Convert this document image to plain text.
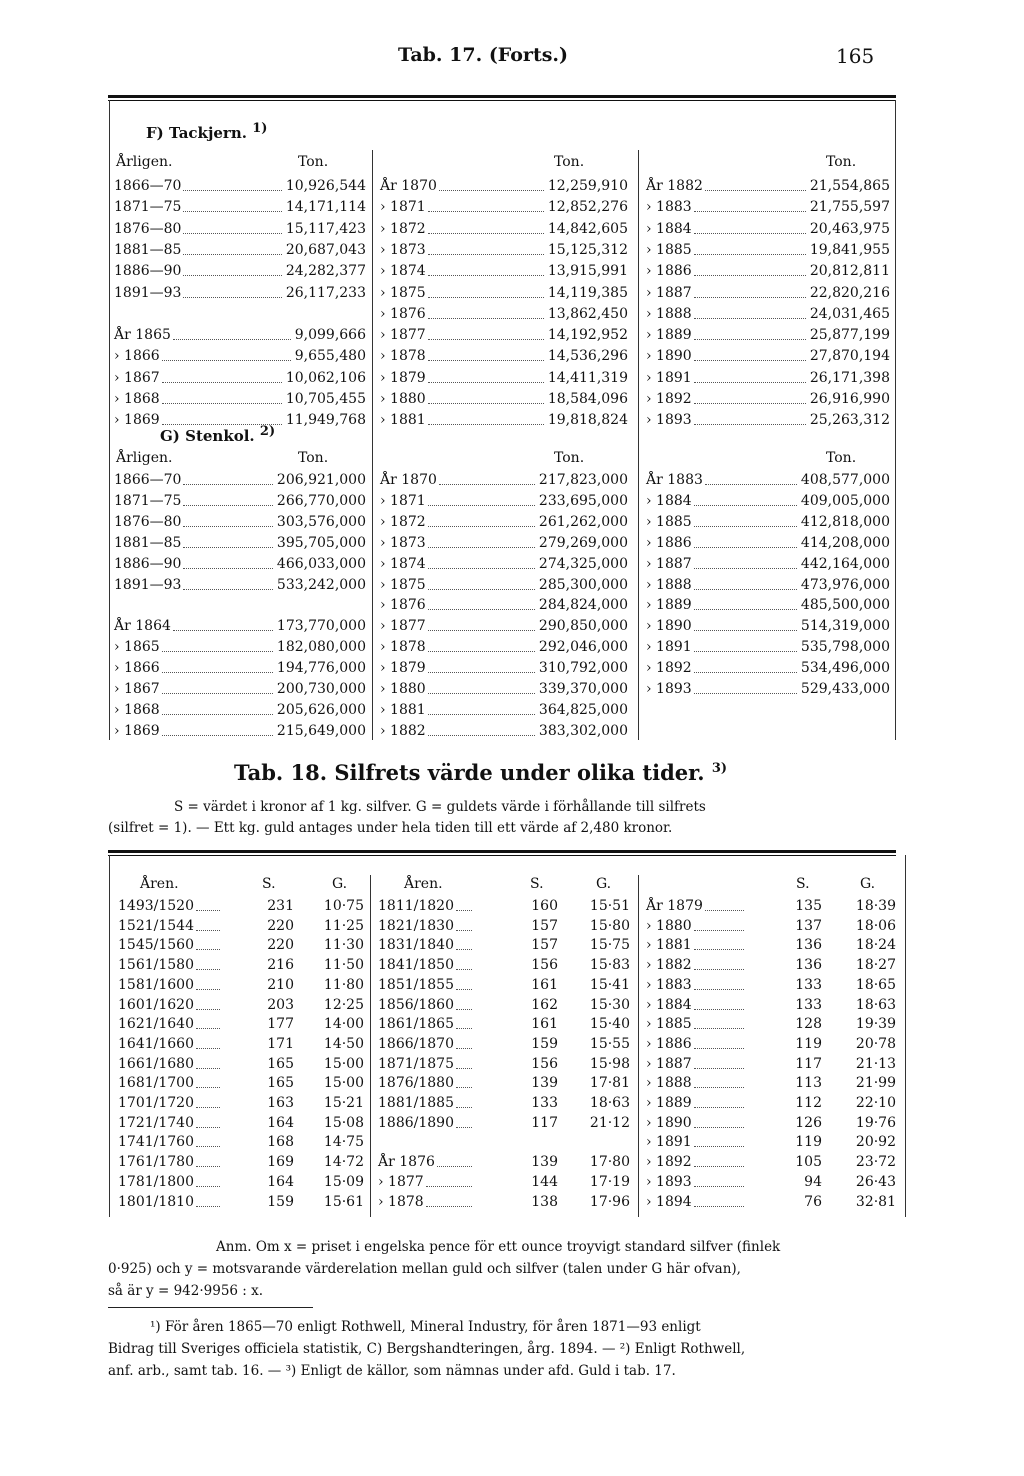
Tab. 17. (Forts.)	165
F) Tackjern. $^{1)}$
Årligen.	Ton.	Ton.	Ton.
1866—70	10,926,544
1871—75	14,171,114
1876—80	15,117,423
1881—85	20,687,043
1886—90	24,282,377
1891—93	26,117,233
År 1865	9,099,666
› 1866	9,655,480
› 1867	10,062,106
› 1868	10,705,455
› 1869	11,949,768
År 1870	12,259,910
› 1871	12,852,276
› 1872	14,842,605
› 1873	15,125,312
› 1874	13,915,991
› 1875	14,119,385
› 1876	13,862,450
› 1877	14,192,952
› 1878	14,536,296
› 1879	14,411,319
› 1880	18,584,096
› 1881	19,818,824
År 1882	21,554,865
› 1883	21,755,597
› 1884	20,463,975
› 1885	19,841,955
› 1886	20,812,811
› 1887	22,820,216
› 1888	24,031,465
› 1889	25,877,199
› 1890	27,870,194
› 1891	26,171,398
› 1892	26,916,990
› 1893	25,263,312
G) Stenkol. $^{2)}$
Årligen.	Ton.	Ton.	Ton.
1866—70	206,921,000
1871—75	266,770,000
1876—80	303,576,000
1881—85	395,705,000
1886—90	466,033,000
1891—93	533,242,000
År 1864	173,770,000
› 1865	182,080,000
› 1866	194,776,000
› 1867	200,730,000
› 1868	205,626,000
› 1869	215,649,000
År 1870	217,823,000
› 1871	233,695,000
› 1872	261,262,000
› 1873	279,269,000
› 1874	274,325,000
› 1875	285,300,000
› 1876	284,824,000
› 1877	290,850,000
› 1878	292,046,000
› 1879	310,792,000
› 1880	339,370,000
› 1881	364,825,000
› 1882	383,302,000
År 1883	408,577,000
› 1884	409,005,000
› 1885	412,818,000
› 1886	414,208,000
› 1887	442,164,000
› 1888	473,976,000
› 1889	485,500,000
› 1890	514,319,000
› 1891	535,798,000
› 1892	534,496,000
› 1893	529,433,000
Tab. 18. Silfrets värde under olika tider. $^{3)}$
S = värdet i kronor af 1 kg. silfver. G = guldets värde i förhållande till silfrets
(silfret = 1). — Ett kg. guld antages under hela tiden till ett värde af 2,480 kronor.
Åren.	S.	G.	Åren.	S.	G.	S.	G.
1493/1520	231 10·75
1521/1544	220 11·25
1545/1560	220 11·30
1561/1580	216 11·50
1581/1600	210 11·80
1601/1620	203 12·25
1621/1640	177 14·00
1641/1660	171 14·50
1661/1680	165 15·00
1681/1700	165 15·00
1701/1720	163 15·21
1721/1740	164 15·08
1741/1760	168 14·75
1761/1780	169 14·72
1781/1800	164 15·09
1801/1810	159 15·61
1811/1820	160 15·51
1821/1830	157 15·80
1831/1840	157 15·75
1841/1850	156 15·83
1851/1855	161 15·41
1856/1860	162 15·30
1861/1865	161 15·40
1866/1870	159 15·55
1871/1875	156 15·98
1876/1880	139 17·81
1881/1885	133 18·63
1886/1890	117 21·12
År 1876	139 17·80
› 1877	144 17·19
› 1878	138 17·96
År 1879	135 18·39
› 1880	137 18·06
› 1881	136 18·24
› 1882	136 18·27
› 1883	133 18·65
› 1884	133 18·63
› 1885	128 19·39
› 1886	119 20·78
› 1887	117 21·13
› 1888	113 21·99
› 1889	112 22·10
› 1890	126 19·76
› 1891	119 20·92
› 1892	105 23·72
› 1893	94 26·43
› 1894	76 32·81
Anm. Om x = priset i engelska pence för ett ounce troyvigt standard silfver (finlek
0·925) och y = motsvarande värderelation mellan guld och silfver (talen under G här ofvan),
så är y = 942·9956 : x.
¹) För åren 1865—70 enligt Rothwell, Mineral Industry, för åren 1871—93 enligt
Bidrag till Sveriges officiela statistik, C) Bergshandteringen, årg. 1894. — ²) Enligt Rothwell,
anf. arb., samt tab. 16. — ³) Enligt de källor, som nämnas under afd. Guld i tab. 17.
